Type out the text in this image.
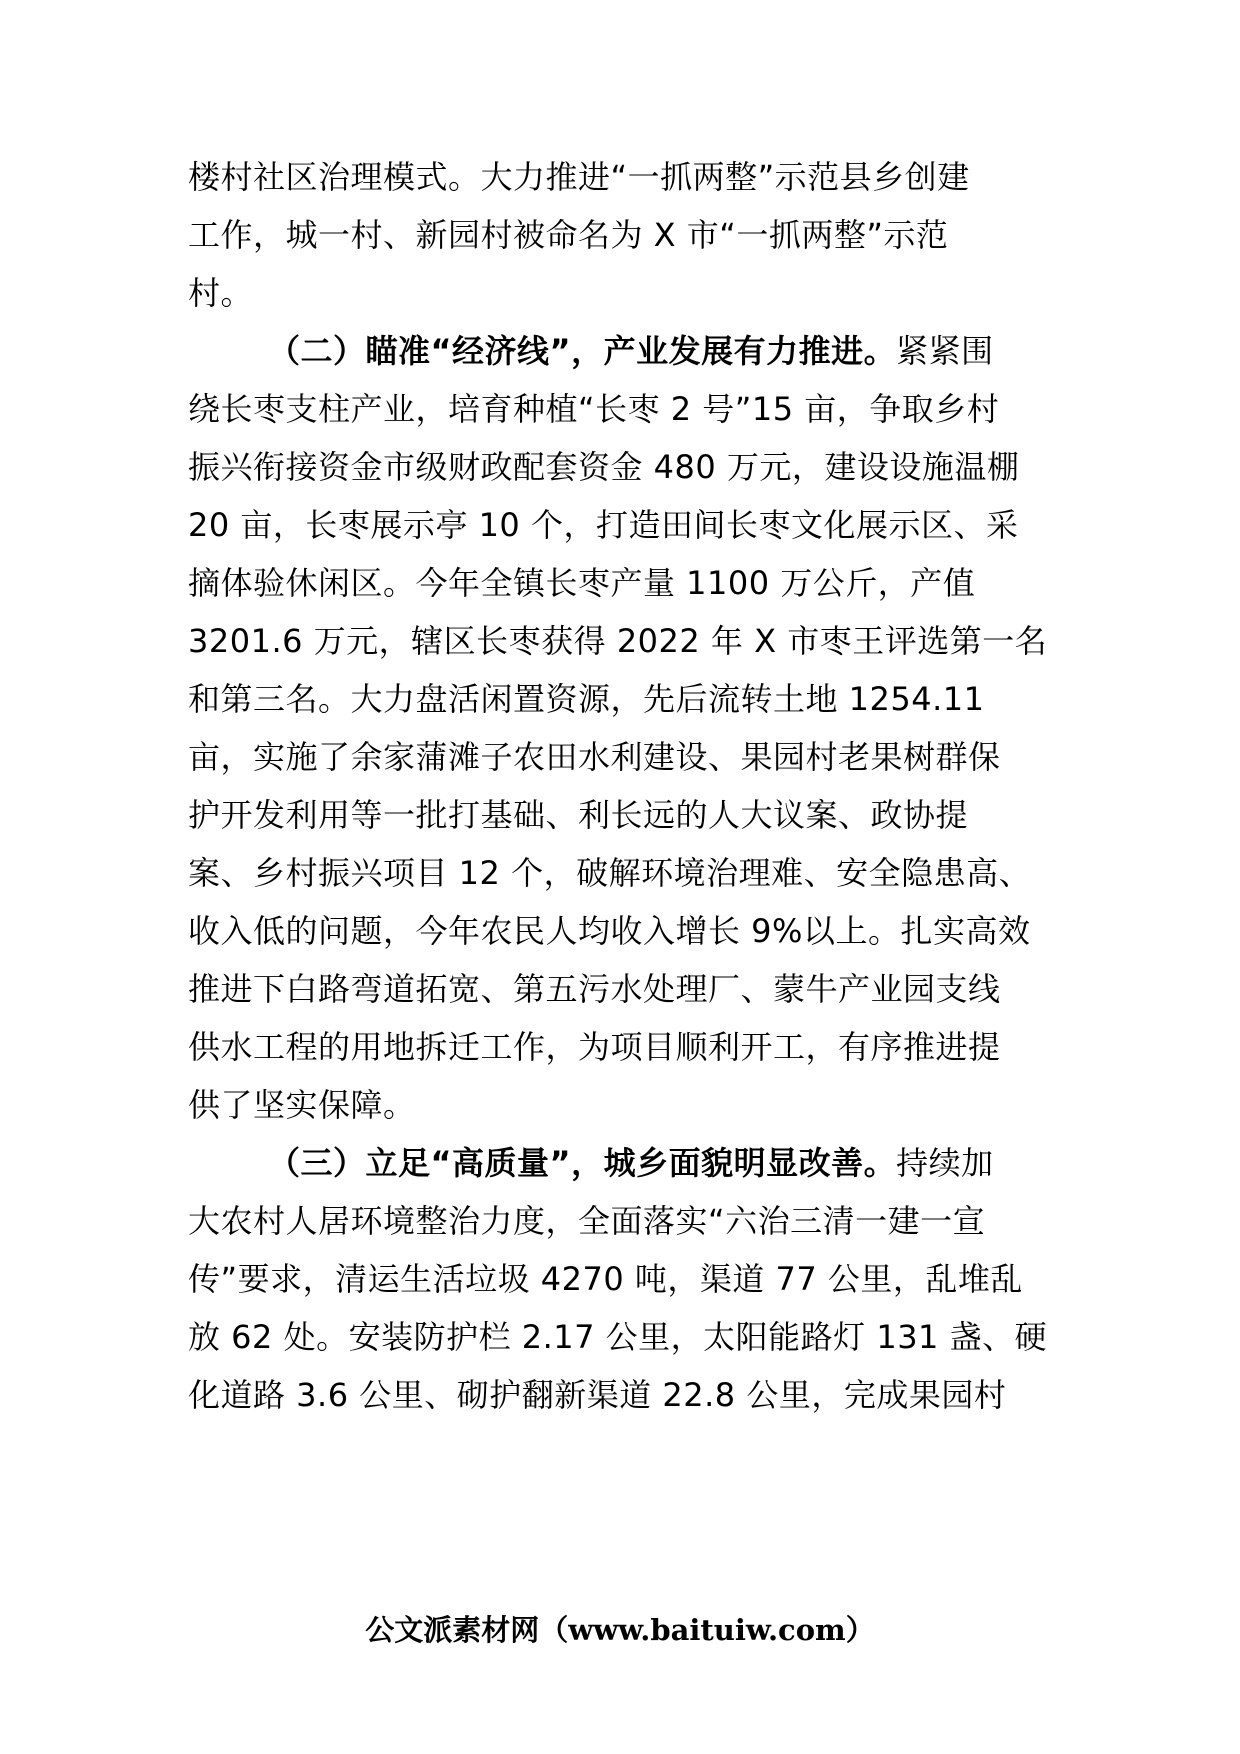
楼村社区治理模式。大力推进“一抓两整”示范县乡创建
工作，城一村、新园村被命名为 X 市“一抓两整”示范
村。
（二）瞄准“经济线”，产业发展有力推进。紧紧围
绕长枣支柱产业，培育种植“长枣 2 号”15 亩，争取乡村
振兴衔接资金市级财政配套资金 480 万元，建设设施温棚
20 亩，长枣展示亭 10 个，打造田间长枣文化展示区、采
摘体验休闲区。今年全镇长枣产量 1100 万公斤，产值
3201.6 万元，辖区长枣获得 2022 年 X 市枣王评选第一名
和第三名。大力盘活闲置资源，先后流转土地 1254.11
亩，实施了余家蒲滩子农田水利建设、果园村老果树群保
护开发利用等一批打基础、利长远的人大议案、政协提
案、乡村振兴项目 12 个，破解环境治理难、安全隐患高、
收入低的问题，今年农民人均收入增长 9%以上。扎实高效
推进下白路弯道拓宽、第五污水处理厂、蒙牛产业园支线
供水工程的用地拆迁工作，为项目顺利开工，有序推进提
供了坚实保障。
（三）立足“高质量”，城乡面貌明显改善。持续加
大农村人居环境整治力度，全面落实“六治三清一建一宣
传”要求，清运生活垃圾 4270 吨，渠道 77 公里，乱堆乱
放 62 处。安装防护栏 2.17 公里，太阳能路灯 131 盏、硬
化道路 3.6 公里、砌护翻新渠道 22.8 公里，完成果园村
公文派素材网（www.baituiw.com）
